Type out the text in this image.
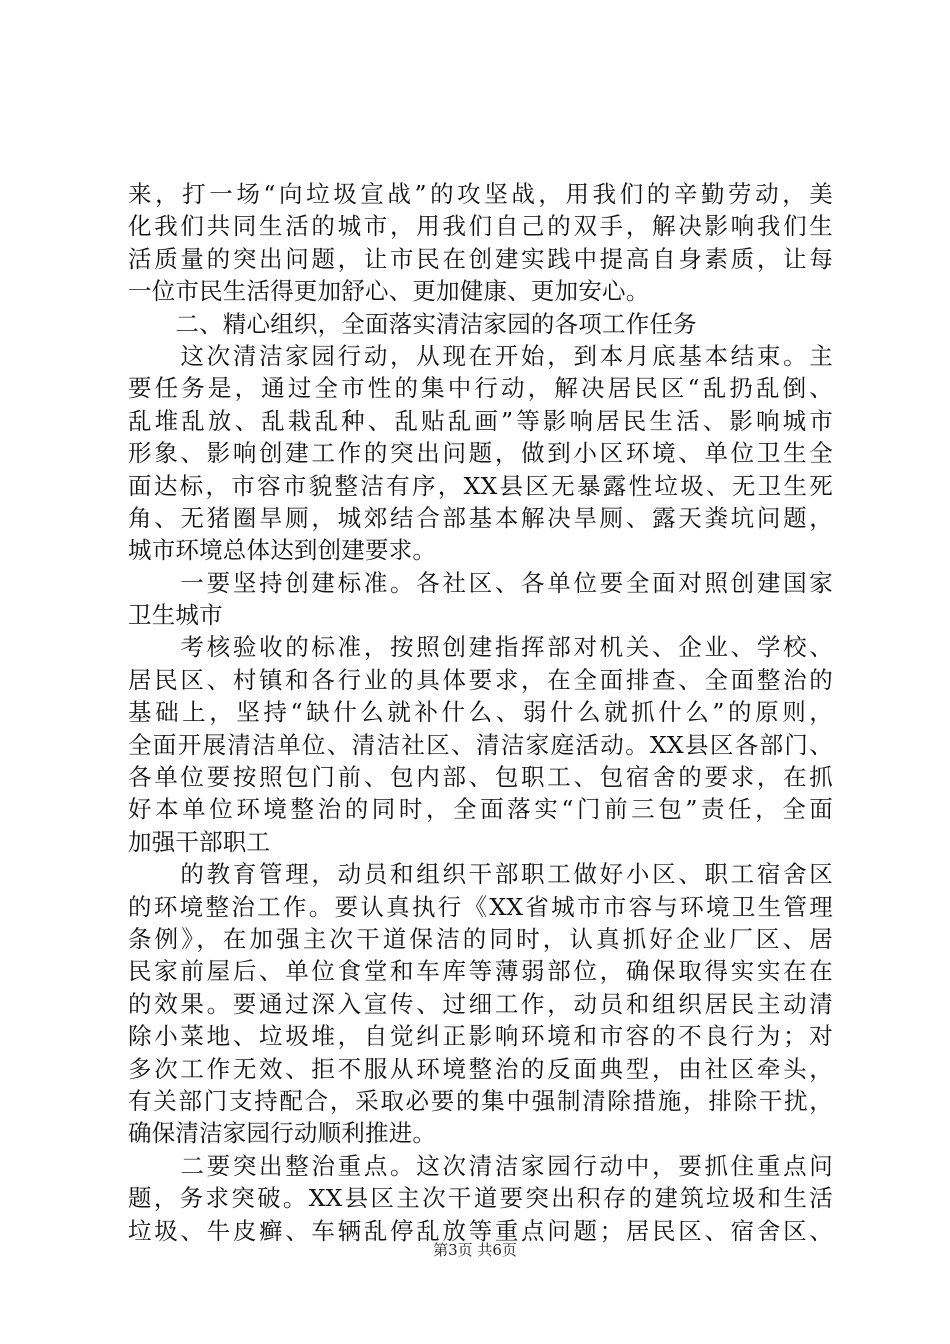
来，打一场“向垃圾宣战”的攻坚战，用我们的辛勤劳动，美
化我们共同生活的城市，用我们自己的双手，解决影响我们生
活质量的突出问题，让市民在创建实践中提高自身素质，让每
一位市民生活得更加舒心、更加健康、更加安心。
　　二、精心组织，全面落实清洁家园的各项工作任务
　　这次清洁家园行动，从现在开始，到本月底基本结束。主
要任务是，通过全市性的集中行动，解决居民区“乱扔乱倒、
乱堆乱放、乱栽乱种、乱贴乱画”等影响居民生活、影响城市
形象、影响创建工作的突出问题，做到小区环境、单位卫生全
面达标，市容市貌整洁有序，XX县区无暴露性垃圾、无卫生死
角、无猪圈旱厕，城郊结合部基本解决旱厕、露天粪坑问题，
城市环境总体达到创建要求。
　　一要坚持创建标准。各社区、各单位要全面对照创建国家
卫生城市
　　考核验收的标准，按照创建指挥部对机关、企业、学校、
居民区、村镇和各行业的具体要求，在全面排查、全面整治的
基础上，坚持“缺什么就补什么、弱什么就抓什么”的原则，
全面开展清洁单位、清洁社区、清洁家庭活动。XX县区各部门、
各单位要按照包门前、包内部、包职工、包宿舍的要求，在抓
好本单位环境整治的同时，全面落实“门前三包”责任，全面
加强干部职工
　　的教育管理，动员和组织干部职工做好小区、职工宿舍区
的环境整治工作。要认真执行《XX省城市市容与环境卫生管理
条例》，在加强主次干道保洁的同时，认真抓好企业厂区、居
民家前屋后、单位食堂和车库等薄弱部位，确保取得实实在在
的效果。要通过深入宣传、过细工作，动员和组织居民主动清
除小菜地、垃圾堆，自觉纠正影响环境和市容的不良行为；对
多次工作无效、拒不服从环境整治的反面典型，由社区牵头，
有关部门支持配合，采取必要的集中强制清除措施，排除干扰，
确保清洁家园行动顺利推进。
　　二要突出整治重点。这次清洁家园行动中，要抓住重点问
题，务求突破。XX县区主次干道要突出积存的建筑垃圾和生活
垃圾、牛皮癣、车辆乱停乱放等重点问题；居民区、宿舍区、
第3页 共6页
